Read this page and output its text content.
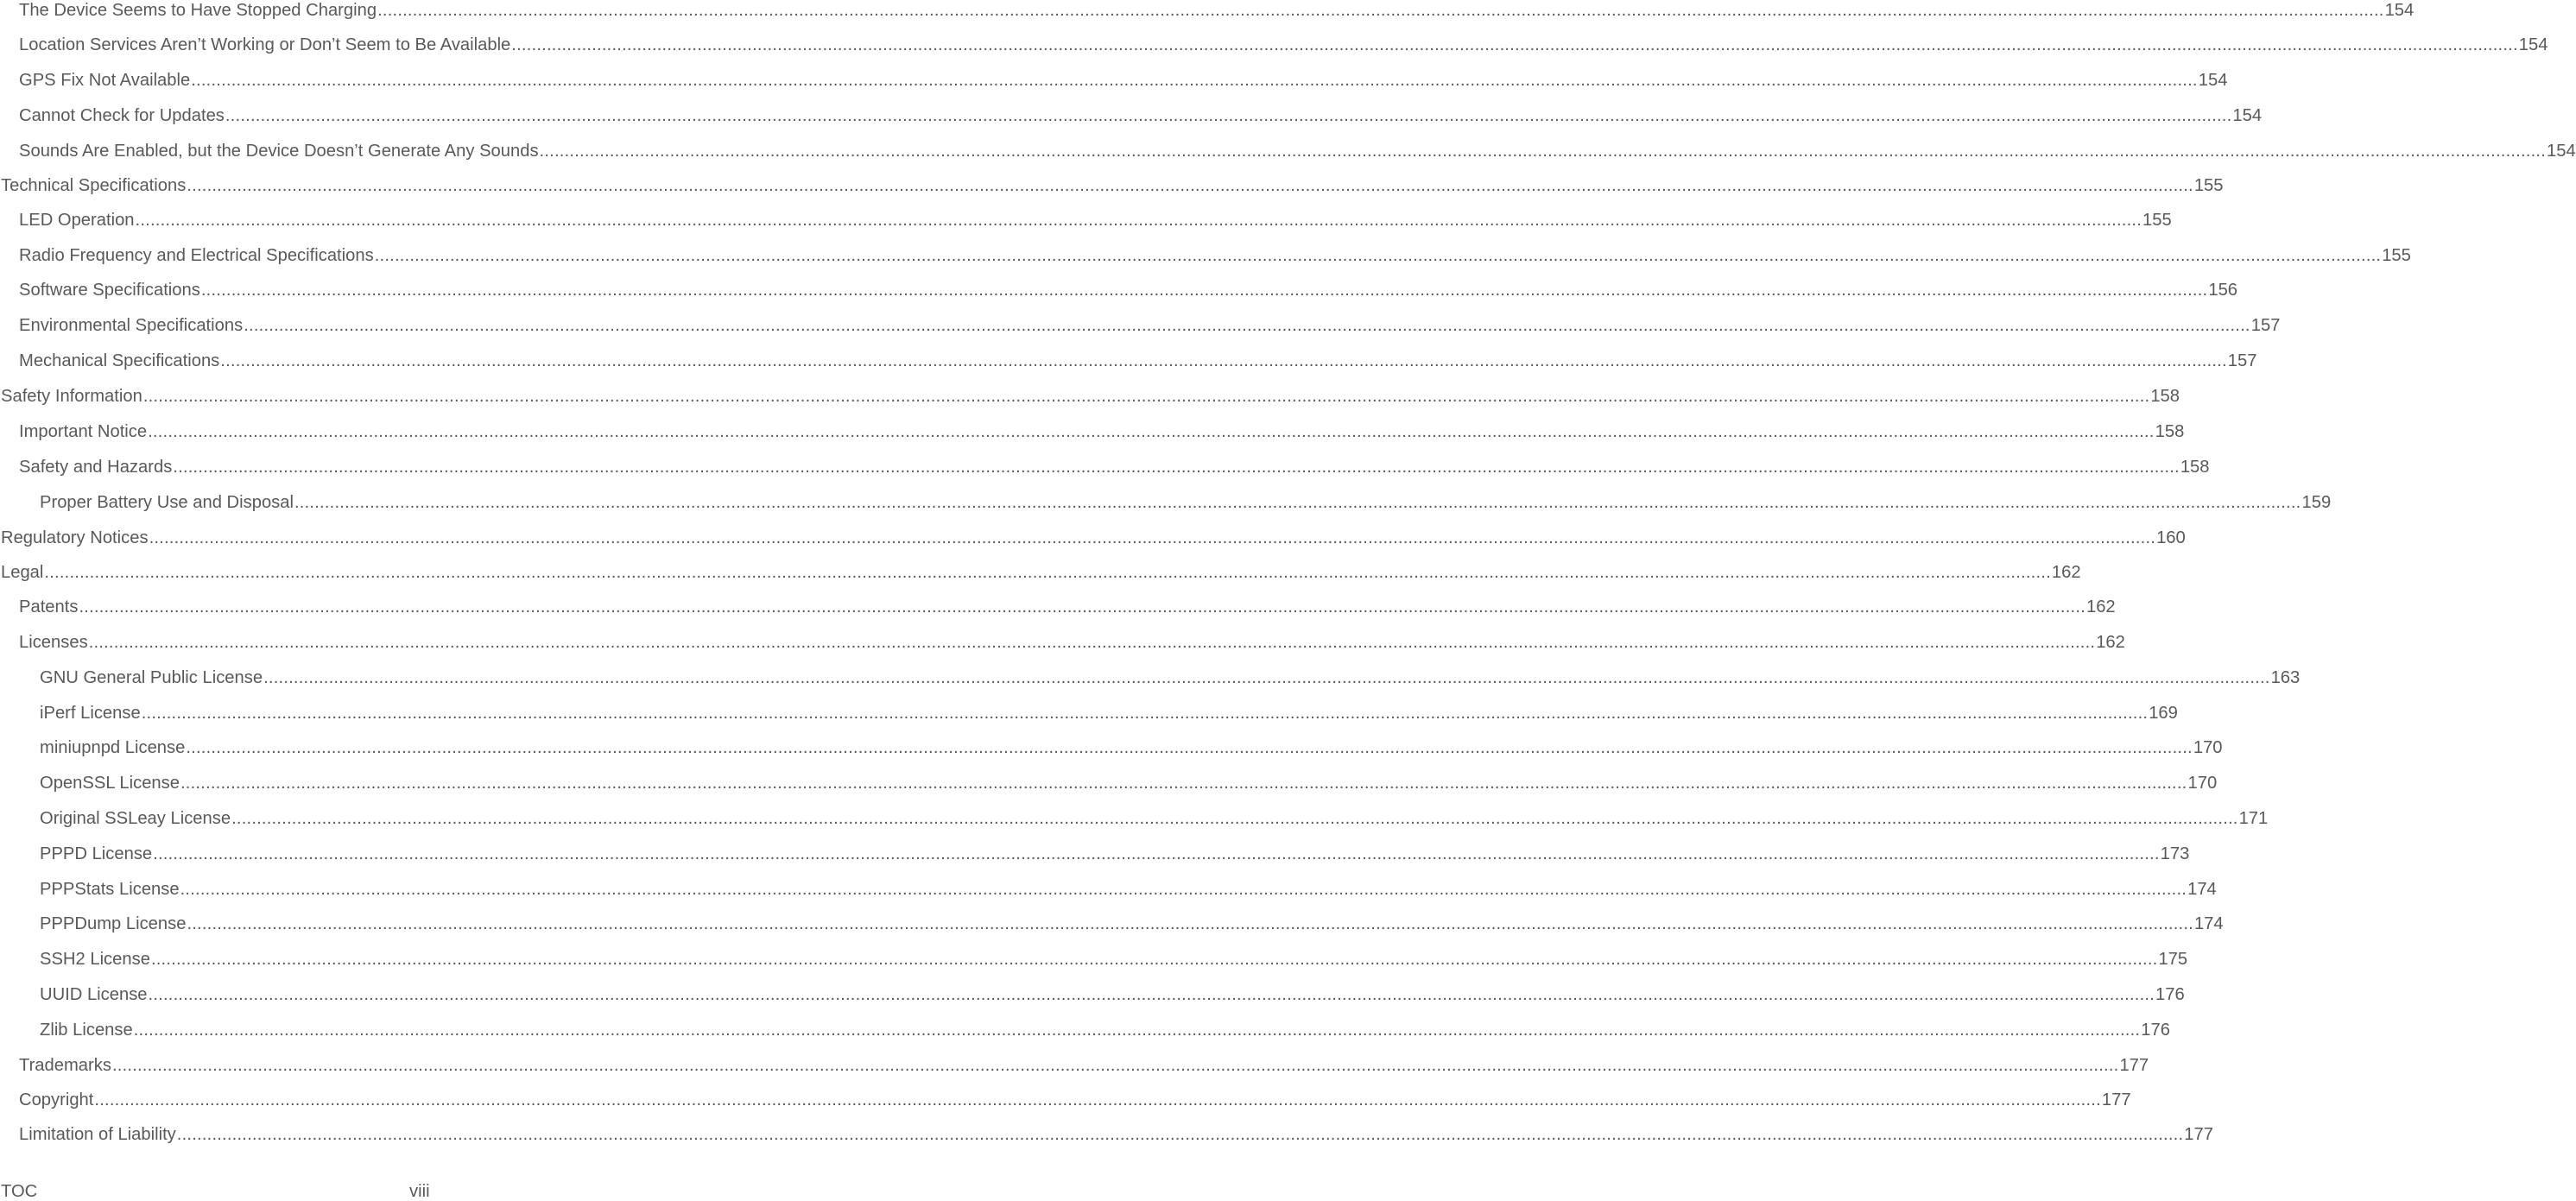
The Device Seems to Have Stopped Charging ................................................................................................................................................................................................................................................................................................................................................................................................................ 154
Location Services Aren’t Working or Don’t Seem to Be Available ................................................................................................................................................................................................................................................................................................................................................................................................................ 154
GPS Fix Not Available ................................................................................................................................................................................................................................................................................................................................................................................................................ 154
Cannot Check for Updates ................................................................................................................................................................................................................................................................................................................................................................................................................ 154
Sounds Are Enabled, but the Device Doesn’t Generate Any Sounds ................................................................................................................................................................................................................................................................................................................................................................................................................ 154
Technical Specifications ................................................................................................................................................................................................................................................................................................................................................................................................................ 155
LED Operation ................................................................................................................................................................................................................................................................................................................................................................................................................ 155
Radio Frequency and Electrical Specifications ................................................................................................................................................................................................................................................................................................................................................................................................................ 155
Software Specifications ................................................................................................................................................................................................................................................................................................................................................................................................................ 156
Environmental Specifications ................................................................................................................................................................................................................................................................................................................................................................................................................ 157
Mechanical Specifications ................................................................................................................................................................................................................................................................................................................................................................................................................ 157
Safety Information ................................................................................................................................................................................................................................................................................................................................................................................................................ 158
Important Notice ................................................................................................................................................................................................................................................................................................................................................................................................................ 158
Safety and Hazards ................................................................................................................................................................................................................................................................................................................................................................................................................ 158
Proper Battery Use and Disposal ................................................................................................................................................................................................................................................................................................................................................................................................................ 159
Regulatory Notices ................................................................................................................................................................................................................................................................................................................................................................................................................ 160
Legal ................................................................................................................................................................................................................................................................................................................................................................................................................ 162
Patents ................................................................................................................................................................................................................................................................................................................................................................................................................ 162
Licenses ................................................................................................................................................................................................................................................................................................................................................................................................................ 162
GNU General Public License ................................................................................................................................................................................................................................................................................................................................................................................................................ 163
iPerf License ................................................................................................................................................................................................................................................................................................................................................................................................................ 169
miniupnpd License ................................................................................................................................................................................................................................................................................................................................................................................................................ 170
OpenSSL License ................................................................................................................................................................................................................................................................................................................................................................................................................ 170
Original SSLeay License ................................................................................................................................................................................................................................................................................................................................................................................................................ 171
PPPD License ................................................................................................................................................................................................................................................................................................................................................................................................................ 173
PPPStats License ................................................................................................................................................................................................................................................................................................................................................................................................................ 174
PPPDump License ................................................................................................................................................................................................................................................................................................................................................................................................................ 174
SSH2 License ................................................................................................................................................................................................................................................................................................................................................................................................................ 175
UUID License ................................................................................................................................................................................................................................................................................................................................................................................................................ 176
Zlib License ................................................................................................................................................................................................................................................................................................................................................................................................................ 176
Trademarks ................................................................................................................................................................................................................................................................................................................................................................................................................ 177
Copyright ................................................................................................................................................................................................................................................................................................................................................................................................................ 177
Limitation of Liability ................................................................................................................................................................................................................................................................................................................................................................................................................ 177
TOC	viii
